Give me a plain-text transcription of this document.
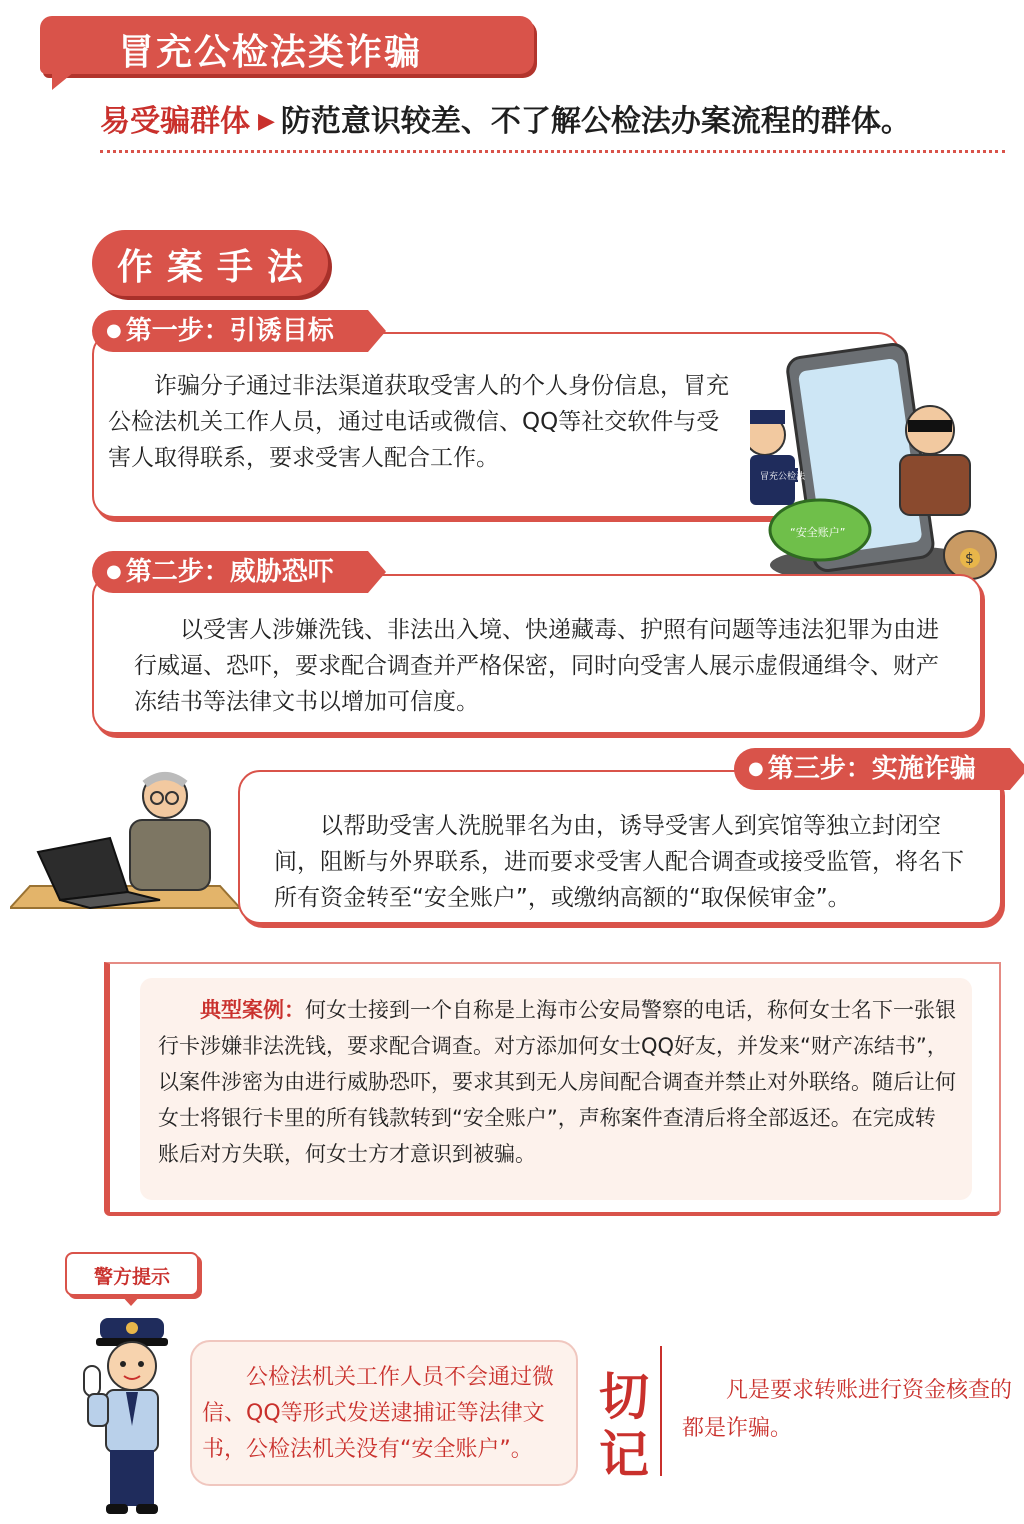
冒充公检法类诈骗
易受骗群体 ▶ 防范意识较差、不了解公检法办案流程的群体。
作案手法
诈骗分子通过非法渠道获取受害人的个人身份信息，冒充公检法机关工作人员，通过电话或微信、QQ等社交软件与受害人取得联系，要求受害人配合工作。
● 第一步：引诱目标
“安全账户”
冒充公检法
$
以受害人涉嫌洗钱、非法出入境、快递藏毒、护照有问题等违法犯罪为由进行威逼、恐吓，要求配合调查并严格保密，同时向受害人展示虚假通缉令、财产冻结书等法律文书以增加可信度。
● 第二步：威胁恐吓
以帮助受害人洗脱罪名为由，诱导受害人到宾馆等独立封闭空间，阻断与外界联系，进而要求受害人配合调查或接受监管，将名下所有资金转至“安全账户”，或缴纳高额的“取保候审金”。
● 第三步：实施诈骗
典型案例：何女士接到一个自称是上海市公安局警察的电话，称何女士名下一张银行卡涉嫌非法洗钱，要求配合调查。对方添加何女士QQ好友，并发来“财产冻结书”，以案件涉密为由进行威胁恐吓，要求其到无人房间配合调查并禁止对外联络。随后让何女士将银行卡里的所有钱款转到“安全账户”，声称案件查清后将全部返还。在完成转账后对方失联，何女士方才意识到被骗。
警方提示
公检法机关工作人员不会通过微信、QQ等形式发送逮捕证等法律文书，公检法机关没有“安全账户”。
切记
凡是要求转账进行资金核查的都是诈骗。
